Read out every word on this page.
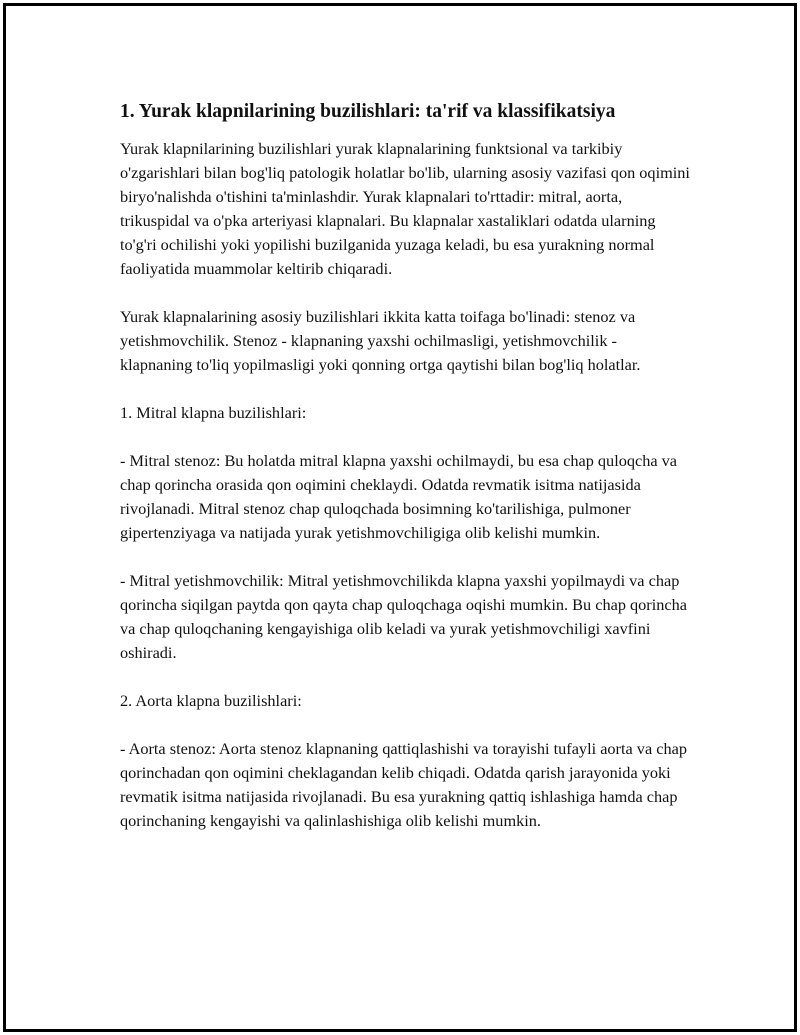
1. Yurak klapnilarining buzilishlari: ta'rif va klassifikatsiya

Yurak klapnilarining buzilishlari yurak klapnalarining funktsional va tarkibiy o'zgarishlari bilan bog'liq patologik holatlar bo'lib, ularning asosiy vazifasi qon oqimini biryo'nalishda o'tishini ta'minlashdir. Yurak klapnalari to'rttadir: mitral, aorta, trikuspidal va o'pka arteriyasi klapnalari. Bu klapnalar xastaliklari odatda ularning to'g'ri ochilishi yoki yopilishi buzilganida yuzaga keladi, bu esa yurakning normal faoliyatida muammolar keltirib chiqaradi.

Yurak klapnalarining asosiy buzilishlari ikkita katta toifaga bo'linadi: stenoz va yetishmovchilik. Stenoz - klapnaning yaxshi ochilmasligi, yetishmovchilik - klapnaning to'liq yopilmasligi yoki qonning ortga qaytishi bilan bog'liq holatlar.

1. Mitral klapna buzilishlari:

- Mitral stenoz: Bu holatda mitral klapna yaxshi ochilmaydi, bu esa chap quloqcha va chap qorincha orasida qon oqimini cheklaydi. Odatda revmatik isitma natijasida rivojlanadi. Mitral stenoz chap quloqchada bosimning ko'tarilishiga, pulmoner gipertenziyaga va natijada yurak yetishmovchiligiga olib kelishi mumkin.

- Mitral yetishmovchilik: Mitral yetishmovchilikda klapna yaxshi yopilmaydi va chap qorincha siqilgan paytda qon qayta chap quloqchaga oqishi mumkin. Bu chap qorincha va chap quloqchaning kengayishiga olib keladi va yurak yetishmovchiligi xavfini oshiradi.

2. Aorta klapna buzilishlari:

- Aorta stenoz: Aorta stenoz klapnaning qattiqlashishi va torayishi tufayli aorta va chap qorinchadan qon oqimini cheklagandan kelib chiqadi. Odatda qarish jarayonida yoki revmatik isitma natijasida rivojlanadi. Bu esa yurakning qattiq ishlashiga hamda chap qorinchaning kengayishi va qalinlashishiga olib kelishi mumkin.
